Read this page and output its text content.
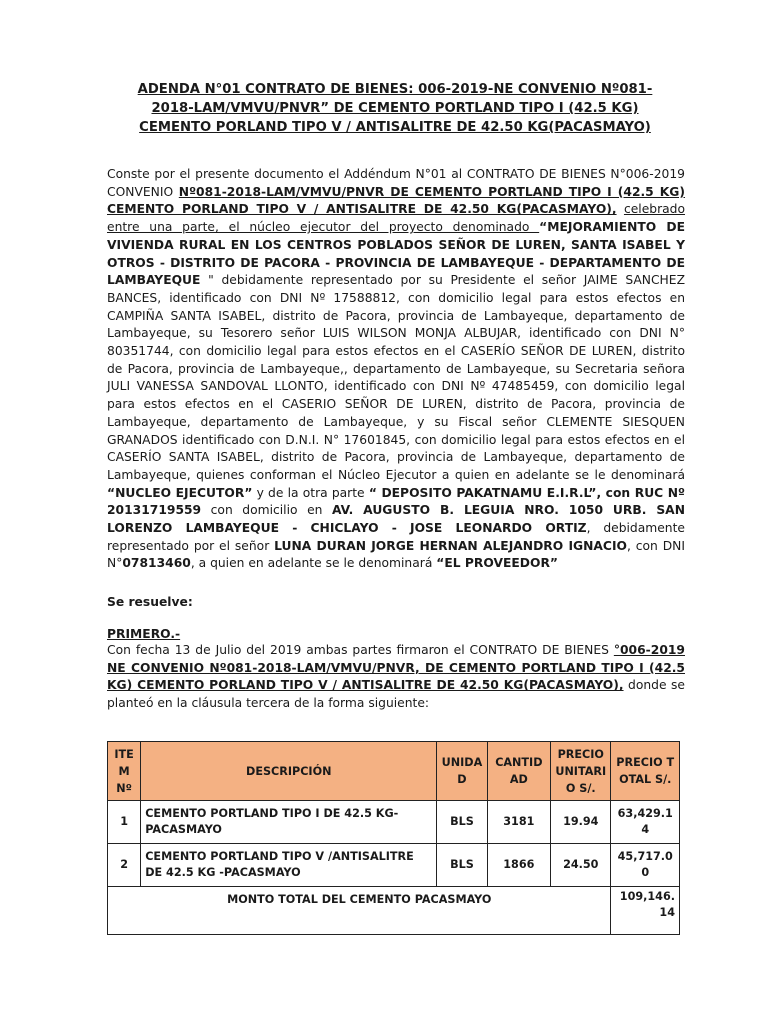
ADENDA N°01 CONTRATO DE BIENES: 006-2019-NE CONVENIO Nº081-
2018-LAM/VMVU/PNVR” DE CEMENTO PORTLAND TIPO I (42.5 KG)
CEMENTO PORLAND TIPO V / ANTISALITRE DE 42.50 KG(PACASMAYO)
Conste por el presente documento el Addéndum N°01 al CONTRATO DE BIENES N°006-2019 CONVENIO Nº081-2018-LAM/VMVU/PNVR DE CEMENTO PORTLAND TIPO I (42.5 KG) CEMENTO PORLAND TIPO V / ANTISALITRE DE 42.50 KG(PACASMAYO), celebrado entre una parte, el núcleo ejecutor del proyecto denominado “MEJORAMIENTO DE VIVIENDA RURAL EN LOS CENTROS POBLADOS SEÑOR DE LUREN, SANTA ISABEL Y OTROS - DISTRITO DE PACORA - PROVINCIA DE LAMBAYEQUE - DEPARTAMENTO DE LAMBAYEQUE " debidamente representado por su Presidente el señor JAIME SANCHEZ BANCES, identificado con DNI Nº 17588812, con domicilio legal para estos efectos en CAMPIÑA SANTA ISABEL, distrito de Pacora, provincia de Lambayeque, departamento de Lambayeque, su Tesorero señor LUIS WILSON MONJA ALBUJAR, identificado con DNI N° 80351744, con domicilio legal para estos efectos en el CASERÍO SEÑOR DE LUREN, distrito de Pacora, provincia de Lambayeque,, departamento de Lambayeque, su Secretaria señora JULI VANESSA SANDOVAL LLONTO, identificado con DNI Nº 47485459, con domicilio legal para estos efectos en el CASERIO SEÑOR DE LUREN, distrito de Pacora, provincia de Lambayeque, departamento de Lambayeque, y su Fiscal señor CLEMENTE SIESQUEN GRANADOS identificado con D.N.I. N° 17601845, con domicilio legal para estos efectos en el CASERÍO SANTA ISABEL, distrito de Pacora, provincia de Lambayeque, departamento de Lambayeque, quienes conforman el Núcleo Ejecutor a quien en adelante se le denominará “NUCLEO EJECUTOR” y de la otra parte “ DEPOSITO PAKATNAMU E.I.R.L”, con RUC Nº 20131719559 con domicilio en AV. AUGUSTO B. LEGUIA NRO. 1050 URB. SAN LORENZO LAMBAYEQUE - CHICLAYO - JOSE LEONARDO ORTIZ, debidamente representado por el señor LUNA DURAN JORGE HERNAN ALEJANDRO IGNACIO, con DNI N°07813460, a quien en adelante se le denominará “EL PROVEEDOR”
Se resuelve:
PRIMERO.-
Con fecha 13 de Julio del 2019 ambas partes firmaron el CONTRATO DE BIENES °006-2019 NE CONVENIO Nº081-2018-LAM/VMVU/PNVR, DE CEMENTO PORTLAND TIPO I (42.5 KG) CEMENTO PORLAND TIPO V / ANTISALITRE DE 42.50 KG(PACASMAYO), donde se planteó en la cláusula tercera de la forma siguiente:
ITEM Nº	DESCRIPCIÓN	UNIDAD	CANTIDAD	PRECIO UNITARIO S/.	PRECIO TOTAL S/.
1	CEMENTO PORTLAND TIPO I DE 42.5 KG-PACASMAYO	BLS	3181	19.94	63,429.14
2	CEMENTO PORTLAND TIPO V /ANTISALITRE DE 42.5 KG -PACASMAYO	BLS	1866	24.50	45,717.00
MONTO TOTAL DEL CEMENTO PACASMAYO					109,146.14
